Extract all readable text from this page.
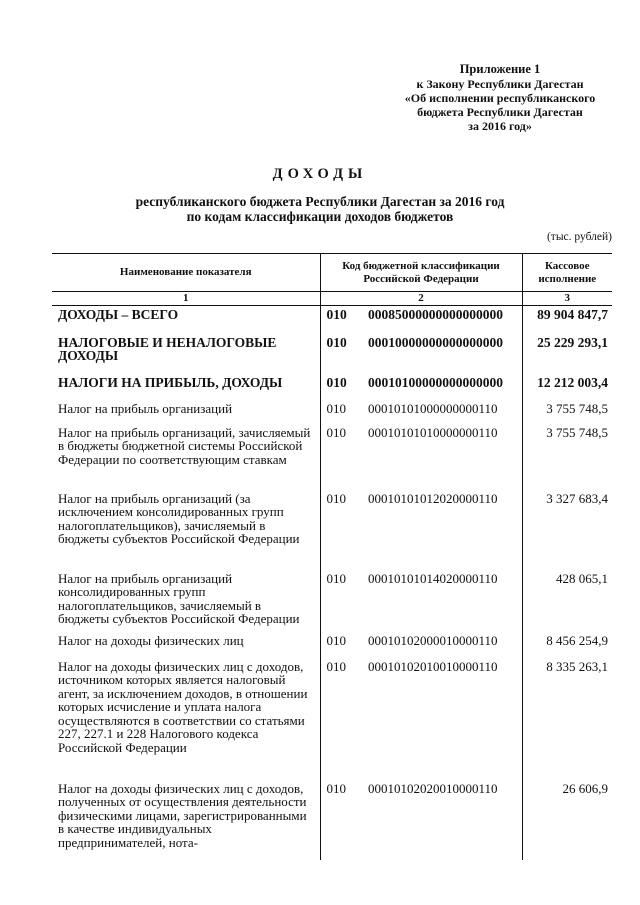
Приложение 1
к Закону Республики Дагестан
«Об исполнении республиканского
бюджета Республики Дагестан
за 2016 год»
ДОХОДЫ
республиканского бюджета Республики Дагестан за 2016 год
по кодам классификации доходов бюджетов
(тыс. рублей)
Наименование показателя	Код бюджетной классификации Российской Федерации		Кассовое исполнение
1	2		3
ДОХОДЫ – ВСЕГО	010	00085000000000000000	89 904 847,7
НАЛОГОВЫЕ И НЕНАЛОГОВЫЕ ДОХОДЫ	010	00010000000000000000	25 229 293,1
НАЛОГИ НА ПРИБЫЛЬ, ДОХОДЫ	010	00010100000000000000	12 212 003,4
Налог на прибыль организаций	010	00010101000000000110	3 755 748,5
Налог на прибыль организаций, зачисляемый в бюджеты бюджетной системы Российской Федерации по соответствующим ставкам	010	00010101010000000110	3 755 748,5
Налог на прибыль организаций (за исключением консолидированных групп налогоплательщиков), зачисляемый в бюджеты субъектов Российской Федерации	010	00010101012020000110	3 327 683,4
Налог на прибыль организаций консолидированных групп налогоплательщиков, зачисляемый в бюджеты субъектов Российской Федерации	010	00010101014020000110	428 065,1
Налог на доходы физических лиц	010	00010102000010000110	8 456 254,9
Налог на доходы физических лиц с доходов, источником которых является налоговый агент, за исключением доходов, в отношении которых исчисление и уплата налога осуществляются в соответствии со статьями 227, 227.1 и 228 Налогового кодекса Российской Федерации	010	00010102010010000110	8 335 263,1
Налог на доходы физических лиц с доходов, полученных от осуществления деятельности физическими лицами, зарегистрированными в качестве индивидуальных предпринимателей, нота-	010	00010102020010000110	26 606,9
